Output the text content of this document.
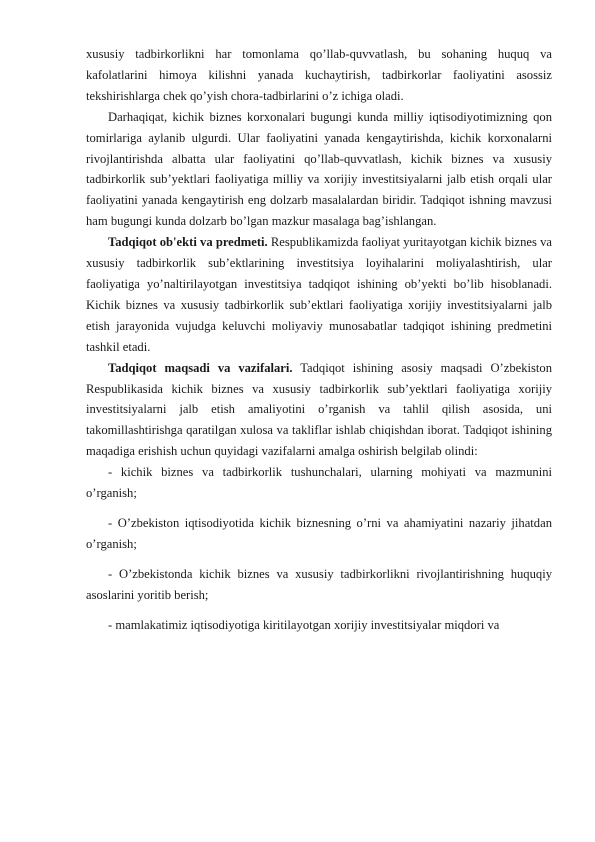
xususiy tadbirkorlikni har tomonlama qo’llab-quvvatlash, bu sohaning huquq va kafolatlarini himoya kilishni yanada kuchaytirish, tadbirkorlar faoliyatini asossiz tekshirishlarga chek qo’yish chora-tadbirlarini o’z ichiga oladi.

Darhaqiqat, kichik biznes korxonalari bugungi kunda milliy iqtisodiyotimizning qon tomirlariga aylanib ulgurdi. Ular faoliyatini yanada kengaytirishda, kichik korxonalarni rivojlantirishda albatta ular faoliyatini qo’llab-quvvatlash, kichik biznes va xususiy tadbirkorlik sub’yektlari faoliyatiga milliy va xorijiy investitsiyalarni jalb etish orqali ular faoliyatini yanada kengaytirish eng dolzarb masalalardan biridir. Tadqiqot ishning mavzusi ham bugungi kunda dolzarb bo’lgan mazkur masalaga bag’ishlangan.

Tadqiqot ob'ekti va predmeti. Respublikamizda faoliyat yuritayotgan kichik biznes va xususiy tadbirkorlik sub’ektlarining investitsiya loyihalarini moliyalashtirish, ular faoliyatiga yo’naltirilayotgan investitsiya tadqiqot ishining ob’yekti bo’lib hisoblanadi. Kichik biznes va xususiy tadbirkorlik sub’ektlari faoliyatiga xorijiy investitsiyalarni jalb etish jarayonida vujudga keluvchi moliyaviy munosabatlar tadqiqot ishining predmetini tashkil etadi.

Tadqiqot maqsadi va vazifalari. Tadqiqot ishining asosiy maqsadi O’zbekiston Respublikasida kichik biznes va xususiy tadbirkorlik sub’yektlari faoliyatiga xorijiy investitsiyalarni jalb etish amaliyotini o’rganish va tahlil qilish asosida, uni takomillashtirishga qaratilgan xulosa va takliflar ishlab chiqishdan iborat. Tadqiqot ishining maqadiga erishish uchun quyidagi vazifalarni amalga oshirish belgilab olindi:

- kichik biznes va tadbirkorlik tushunchalari, ularning mohiyati va mazmunini o’rganish;

- O’zbekiston iqtisodiyotida kichik biznesning o’rni va ahamiyatini nazariy jihatdan o’rganish;

- O’zbekistonda kichik biznes va xususiy tadbirkorlikni rivojlantirishning huquqiy asoslarini yoritib berish;

- mamlakatimiz iqtisodiyotiga kiritilayotgan xorijiy investitsiyalar miqdori va
